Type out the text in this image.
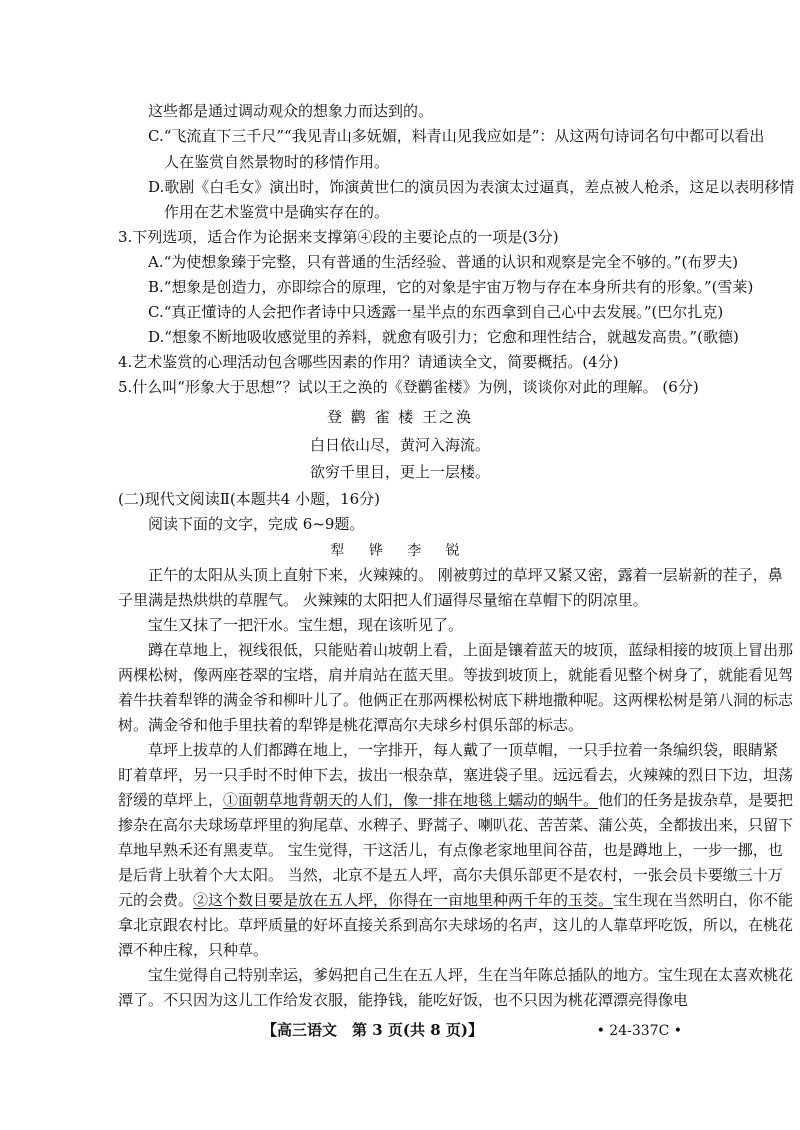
这些都是通过调动观众的想象力而达到的。
C.“飞流直下三千尺”“我见青山多妩媚，料青山见我应如是”：从这两句诗词名句中都可以看出
人在鉴赏自然景物时的移情作用。
D.歌剧《白毛女》演出时，饰演黄世仁的演员因为表演太过逼真，差点被人枪杀，这足以表明移情
作用在艺术鉴赏中是确实存在的。
3.下列选项，适合作为论据来支撑第④段的主要论点的一项是(3分)
A.“为使想象臻于完整，只有普通的生活经验、普通的认识和观察是完全不够的。”(布罗夫)
B.“想象是创造力，亦即综合的原理，它的对象是宇宙万物与存在本身所共有的形象。”(雪莱)
C.“真正懂诗的人会把作者诗中只透露一星半点的东西拿到自己心中去发展。”(巴尔扎克)
D.“想象不断地吸收感觉里的养料，就愈有吸引力；它愈和理性结合，就越发高贵。”(歌德)
4.艺术鉴赏的心理活动包含哪些因素的作用？请通读全文，简要概括。(4分)
5.什么叫“形象大于思想”？试以王之涣的《登鹳雀楼》为例，谈谈你对此的理解。 (6分)
登 鹳 雀 楼 王之涣
白日依山尽，黄河入海流。
欲穷千里目，更上一层楼。
(二)现代文阅读Ⅱ(本题共4 小题，16分)
阅读下面的文字，完成 6~9题。
犁 铧 李 锐
正午的太阳从头顶上直射下来，火辣辣的。 刚被剪过的草坪又紧又密，露着一层崭新的茬子，鼻
子里满是热烘烘的草腥气。 火辣辣的太阳把人们逼得尽量缩在草帽下的阴凉里。
宝生又抹了一把汗水。宝生想，现在该听见了。
蹲在草地上，视线很低，只能贴着山坡朝上看，上面是镶着蓝天的坡顶，蓝绿相接的坡顶上冒出那
两棵松树，像两座苍翠的宝塔，肩并肩站在蓝天里。等拔到坡顶上，就能看见整个树身了，就能看见驾
着牛扶着犁铧的满金爷和柳叶儿了。他俩正在那两棵松树底下耕地撒种呢。这两棵松树是第八洞的标志
树。满金爷和他手里扶着的犁铧是桃花潭高尔夫球乡村俱乐部的标志。
草坪上拔草的人们都蹲在地上，一字排开，每人戴了一顶草帽，一只手拉着一条编织袋，眼睛紧
盯着草坪，另一只手时不时伸下去，拔出一根杂草，塞进袋子里。远远看去，火辣辣的烈日下边，坦荡
舒缓的草坪上，①面朝草地背朝天的人们，像一排在地毯上蠕动的蜗牛。他们的任务是拔杂草，是要把
掺杂在高尔夫球场草坪里的狗尾草、水稗子、野蒿子、喇叭花、苦苦菜、蒲公英，全都拔出来，只留下
草地早熟禾还有黑麦草。 宝生觉得，干这活儿，有点像老家地里间谷苗，也是蹲地上，一步一挪，也
是后背上驮着个大太阳。 当然，北京不是五人坪，高尔夫俱乐部更不是农村，一张会员卡要缴三十万
元的会费。②这个数目要是放在五人坪，你得在一亩地里种两千年的玉茭。宝生现在当然明白，你不能
拿北京跟农村比。草坪质量的好坏直接关系到高尔夫球场的名声，这儿的人靠草坪吃饭，所以，在桃花
潭不种庄稼，只种草。
宝生觉得自己特别幸运，爹妈把自己生在五人坪，生在当年陈总插队的地方。宝生现在太喜欢桃花
潭了。不只因为这儿工作给发衣服，能挣钱，能吃好饭，也不只因为桃花潭漂亮得像电
【高三语文　第 3 页(共 8 页)】	• 24-337C •
